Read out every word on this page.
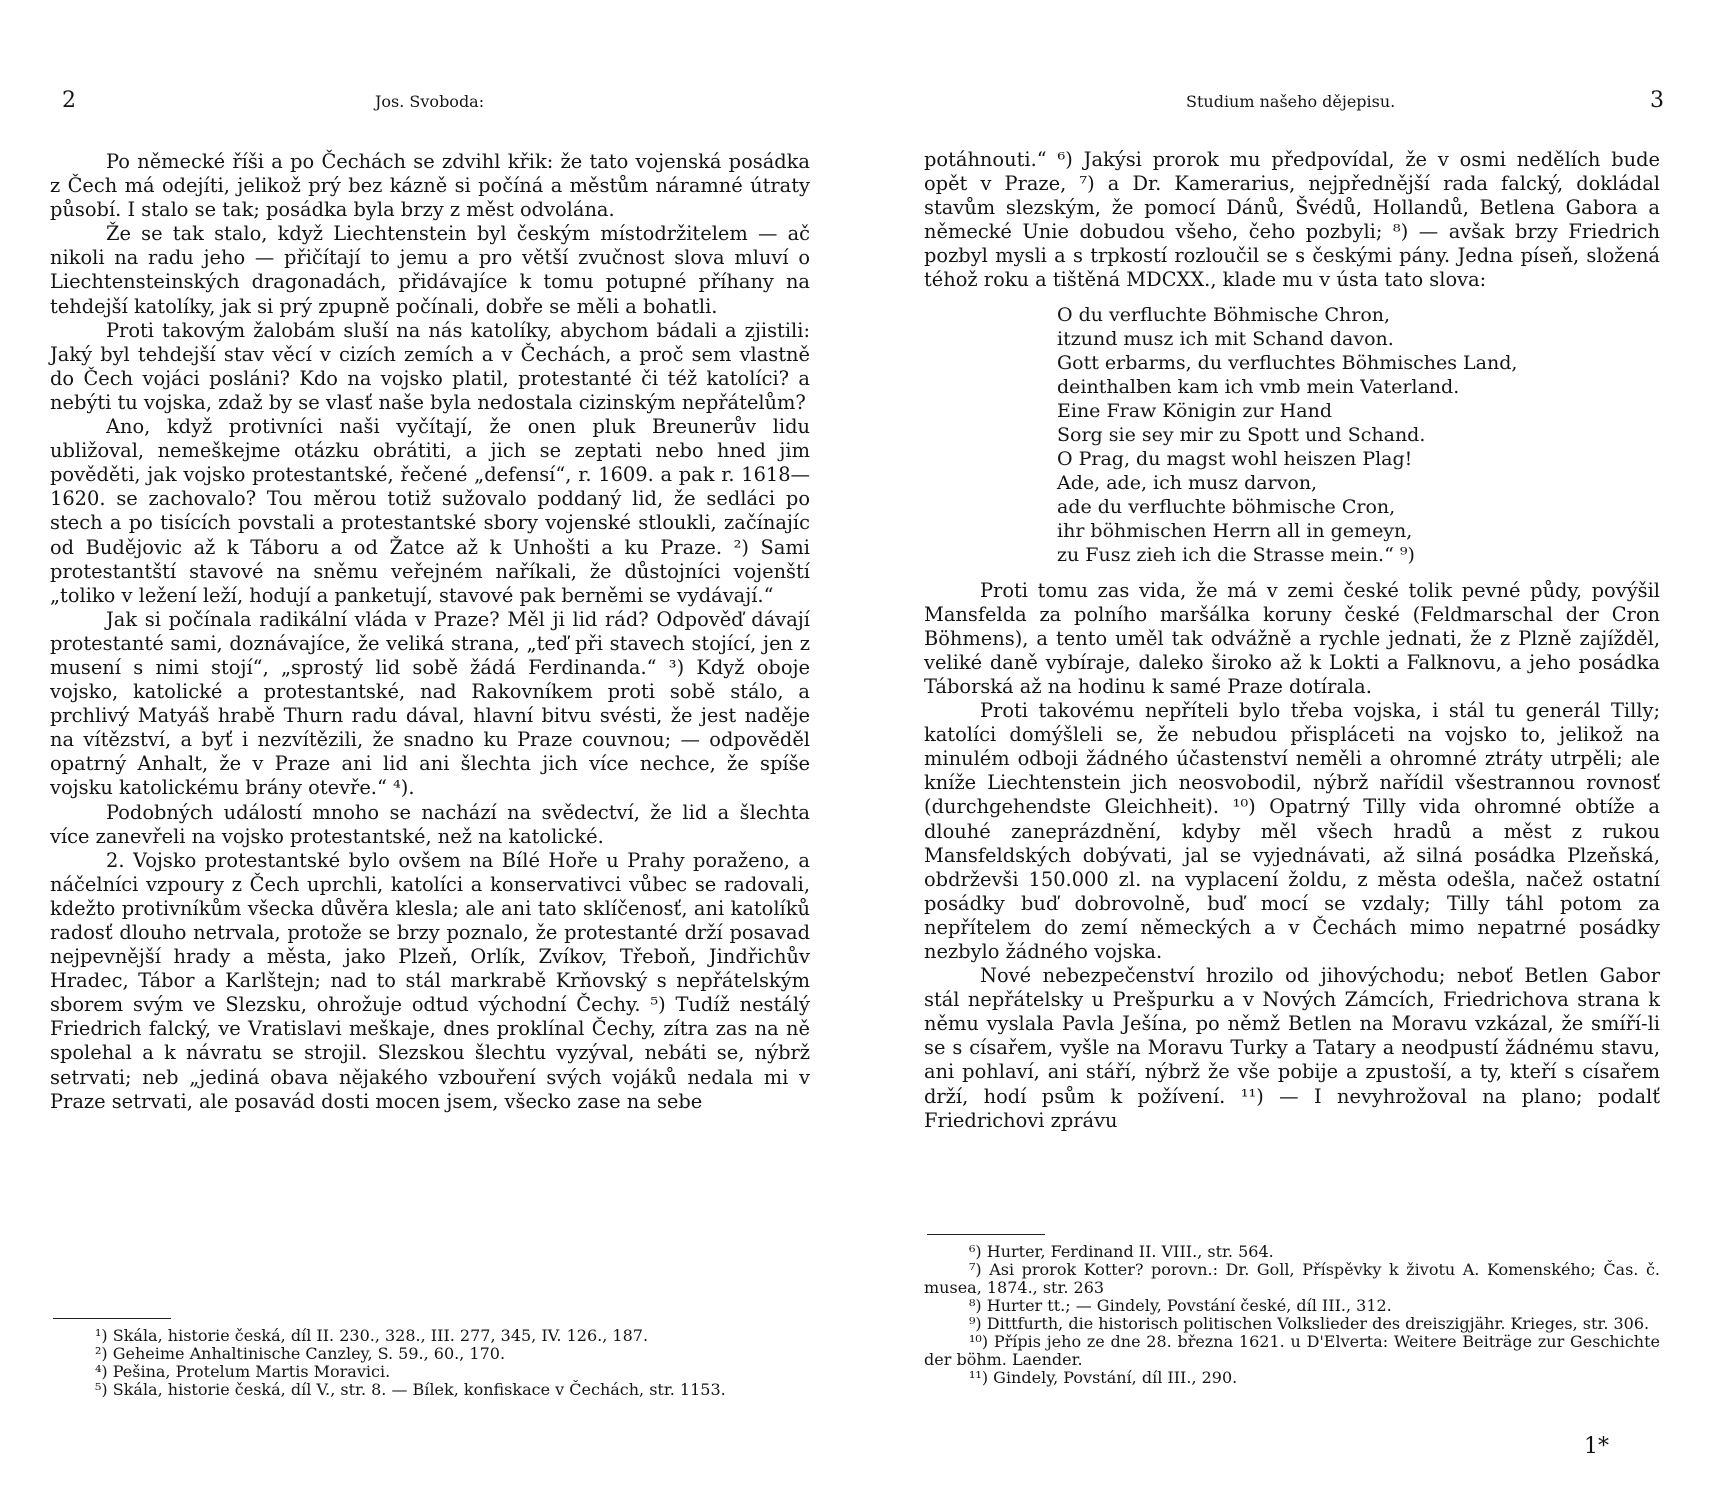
2	Jos. Svoboda:

Po německé říši a po Čechách se zdvihl křik: že tato vojenská posádka z Čech má odejíti, jelikož prý bez kázně si počíná a městům náramné útraty působí. I stalo se tak; posádka byla brzy z měst odvolána.

Že se tak stalo, když Liechtenstein byl českým místodržitelem — ač nikoli na radu jeho — přičítají to jemu a pro větší zvučnost slova mluví o Liechtensteinských dragonadách, přidávajíce k tomu potupné příhany na tehdejší katolíky, jak si prý zpupně počínali, dobře se měli a bohatli.

Proti takovým žalobám sluší na nás katolíky, abychom bádali a zjistili: Jaký byl tehdejší stav věcí v cizích zemích a v Čechách, a proč sem vlastně do Čech vojáci posláni? Kdo na vojsko platil, protestanté či též katolíci? a nebýti tu vojska, zdaž by se vlasť naše byla nedostala cizinským nepřátelům?

Ano, když protivníci naši vyčítají, že onen pluk Breunerův lidu ubližoval, nemeškejme otázku obrátiti, a jich se zeptati nebo hned jim pověděti, jak vojsko protestantské, řečené „defensí“, r. 1609. a pak r. 1618—1620. se zachovalo? Tou měrou totiž sužovalo poddaný lid, že sedláci po stech a po tisících povstali a protestantské sbory vojenské stloukli, začínajíc od Budějovic až k Táboru a od Žatce až k Unhošti a ku Praze. ²) Sami protestantští stavové na sněmu veřejném naříkali, že důstojníci vojenští „toliko v ležení leží, hodují a panketují, stavové pak berněmi se vydávají.“

Jak si počínala radikální vláda v Praze? Měl ji lid rád? Odpověď dávají protestanté sami, doznávajíce, že veliká strana, „teď při stavech stojící, jen z musení s nimi stojí“, „sprostý lid sobě žádá Ferdinanda.“ ³) Když oboje vojsko, katolické a protestantské, nad Rakovníkem proti sobě stálo, a prchlivý Matyáš hrabě Thurn radu dával, hlavní bitvu svésti, že jest naděje na vítězství, a byť i nezvítězili, že snadno ku Praze couvnou; — odpověděl opatrný Anhalt, že v Praze ani lid ani šlechta jich více nechce, že spíše vojsku katolickému brány otevře.“ ⁴).

Podobných událostí mnoho se nachází na svědectví, že lid a šlechta více zanevřeli na vojsko protestantské, než na katolické.

2. Vojsko protestantské bylo ovšem na Bílé Hoře u Prahy poraženo, a náčelníci vzpoury z Čech uprchli, katolíci a konservativci vůbec se radovali, kdežto protivníkům všecka důvěra klesla; ale ani tato sklíčenosť, ani katolíků radosť dlouho netrvala, protože se brzy poznalo, že protestanté drží posavad nejpevnější hrady a města, jako Plzeň, Orlík, Zvíkov, Třeboň, Jindřichův Hradec, Tábor a Karlštejn; nad to stál markrabě Krňovský s nepřátelským sborem svým ve Slezsku, ohrožuje odtud východní Čechy. ⁵) Tudíž nestálý Friedrich falcký, ve Vratislavi meškaje, dnes proklínal Čechy, zítra zas na ně spolehal a k návratu se strojil. Slezskou šlechtu vyzýval, nebáti se, nýbrž setrvati; neb „jediná obava nějakého vzbouření svých vojáků nedala mi v Praze setrvati, ale posavád dosti mocen jsem, všecko zase na sebe

¹) Skála, historie česká, díl II. 230., 328., III. 277, 345, IV. 126., 187.

²) Geheime Anhaltinische Canzley, S. 59., 60., 170.

⁴) Pešina, Protelum Martis Moravici.

⁵) Skála, historie česká, díl V., str. 8. — Bílek, konfiskace v Čechách, str. 1153.

Studium našeho dějepisu.	3

potáhnouti.“ ⁶) Jakýsi prorok mu předpovídal, že v osmi nedělích bude opět v Praze, ⁷) a Dr. Kamerarius, nejpřednější rada falcký, dokládal stavům slezským, že pomocí Dánů, Švédů, Hollandů, Betlena Gabora a německé Unie dobudou všeho, čeho pozbyli; ⁸) — avšak brzy Friedrich pozbyl mysli a s trpkostí rozloučil se s českými pány. Jedna píseň, složená téhož roku a tištěná MDCXX., klade mu v ústa tato slova:

O du verfluchte Böhmische Chron,
itzund musz ich mit Schand davon.
Gott erbarms, du verfluchtes Böhmisches Land,
deinthalben kam ich vmb mein Vaterland.
Eine Fraw Königin zur Hand
Sorg sie sey mir zu Spott und Schand.
O Prag, du magst wohl heiszen Plag!
Ade, ade, ich musz darvon,
ade du verfluchte böhmische Cron,
ihr böhmischen Herrn all in gemeyn,
zu Fusz zieh ich die Strasse mein.“ ⁹)

Proti tomu zas vida, že má v zemi české tolik pevné půdy, povýšil Mansfelda za polního maršálka koruny české (Feldmarschal der Cron Böhmens), a tento uměl tak odvážně a rychle jednati, že z Plzně zajížděl, veliké daně vybíraje, daleko široko až k Lokti a Falknovu, a jeho posádka Táborská až na hodinu k samé Praze dotírala.

Proti takovému nepříteli bylo třeba vojska, i stál tu generál Tilly; katolíci domýšleli se, že nebudou přispláceti na vojsko to, jelikož na minulém odboji žádného účastenství neměli a ohromné ztráty utrpěli; ale kníže Liechtenstein jich neosvobodil, nýbrž nařídil všestrannou rovnosť (durchgehendste Gleichheit). ¹⁰) Opatrný Tilly vida ohromné obtíže a dlouhé zaneprázdnění, kdyby měl všech hradů a měst z rukou Mansfeldských dobývati, jal se vyjednávati, až silná posádka Plzeňská, obdrževši 150.000 zl. na vyplacení žoldu, z města odešla, načež ostatní posádky buď dobrovolně, buď mocí se vzdaly; Tilly táhl potom za nepřítelem do zemí německých a v Čechách mimo nepatrné posádky nezbylo žádného vojska.

Nové nebezpečenství hrozilo od jihovýchodu; neboť Betlen Gabor stál nepřátelsky u Prešpurku a v Nových Zámcích, Friedrichova strana k němu vyslala Pavla Ješína, po němž Betlen na Moravu vzkázal, že smíří-li se s císařem, vyšle na Moravu Turky a Tatary a neodpustí žádnému stavu, ani pohlaví, ani stáří, nýbrž že vše pobije a zpustoší, a ty, kteří s císařem drží, hodí psům k požívení. ¹¹) — I nevyhrožoval na plano; podalť Friedrichovi zprávu

⁶) Hurter, Ferdinand II. VIII., str. 564.

⁷) Asi prorok Kotter? porovn.: Dr. Goll, Příspěvky k životu A. Komenského; Čas. č. musea, 1874., str. 263

⁸) Hurter tt.; — Gindely, Povstání české, díl III., 312.

⁹) Dittfurth, die historisch politischen Volkslieder des dreiszigjähr. Krieges, str. 306.

¹⁰) Přípis jeho ze dne 28. března 1621. u D'Elverta: Weitere Beiträge zur Geschichte der böhm. Laender.

¹¹) Gindely, Povstání, díl III., 290.

1*
